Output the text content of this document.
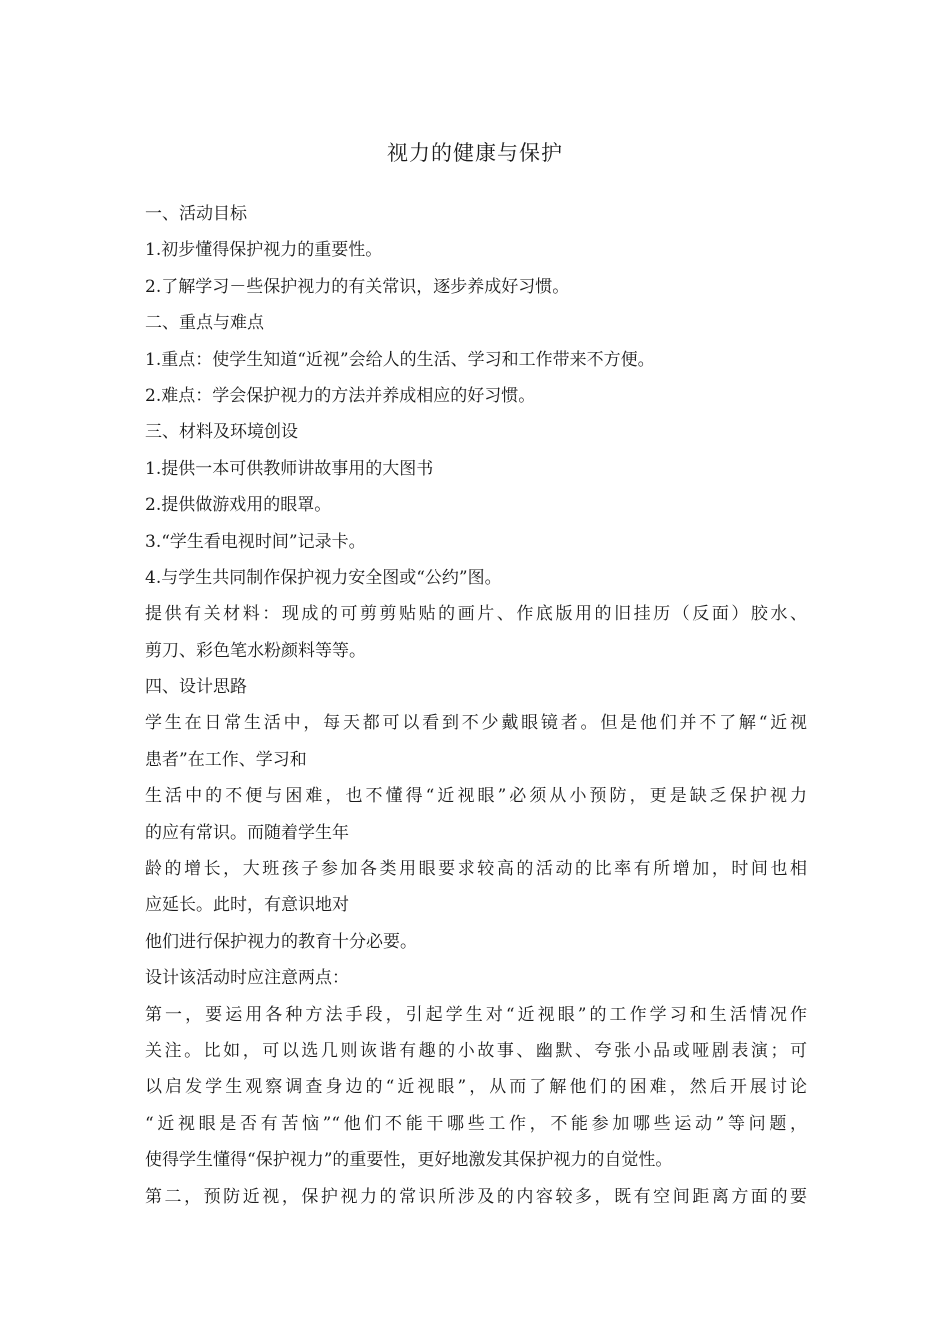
视力的健康与保护
一、活动目标
1.初步懂得保护视力的重要性。
2.了解学习－些保护视力的有关常识，逐步养成好习惯。
二、重点与难点
1.重点：使学生知道“近视”会给人的生活、学习和工作带来不方便。
2.难点：学会保护视力的方法并养成相应的好习惯。
三、材料及环境创设
1.提供一本可供教师讲故事用的大图书
2.提供做游戏用的眼罩。
3.“学生看电视时间”记录卡。
4.与学生共同制作保护视力安全图或“公约”图。
提供有关材料：现成的可剪剪贴贴的画片、作底版用的旧挂历（反面）胶水、
剪刀、彩色笔水粉颜料等等。
四、设计思路
学生在日常生活中，每天都可以看到不少戴眼镜者。但是他们并不了解“近视
患者”在工作、学习和
生活中的不便与困难，也不懂得“近视眼”必须从小预防，更是缺乏保护视力
的应有常识。而随着学生年
龄的增长，大班孩子参加各类用眼要求较高的活动的比率有所增加，时间也相
应延长。此时，有意识地对
他们进行保护视力的教育十分必要。
设计该活动时应注意两点：
第一，要运用各种方法手段，引起学生对“近视眼”的工作学习和生活情况作
关注。比如，可以选几则诙谐有趣的小故事、幽默、夸张小品或哑剧表演；可
以启发学生观察调查身边的“近视眼”，从而了解他们的困难，然后开展讨论
“近视眼是否有苦恼”“他们不能干哪些工作，不能参加哪些运动”等问题，
使得学生懂得“保护视力”的重要性，更好地激发其保护视力的自觉性。
第二，预防近视，保护视力的常识所涉及的内容较多，既有空间距离方面的要
